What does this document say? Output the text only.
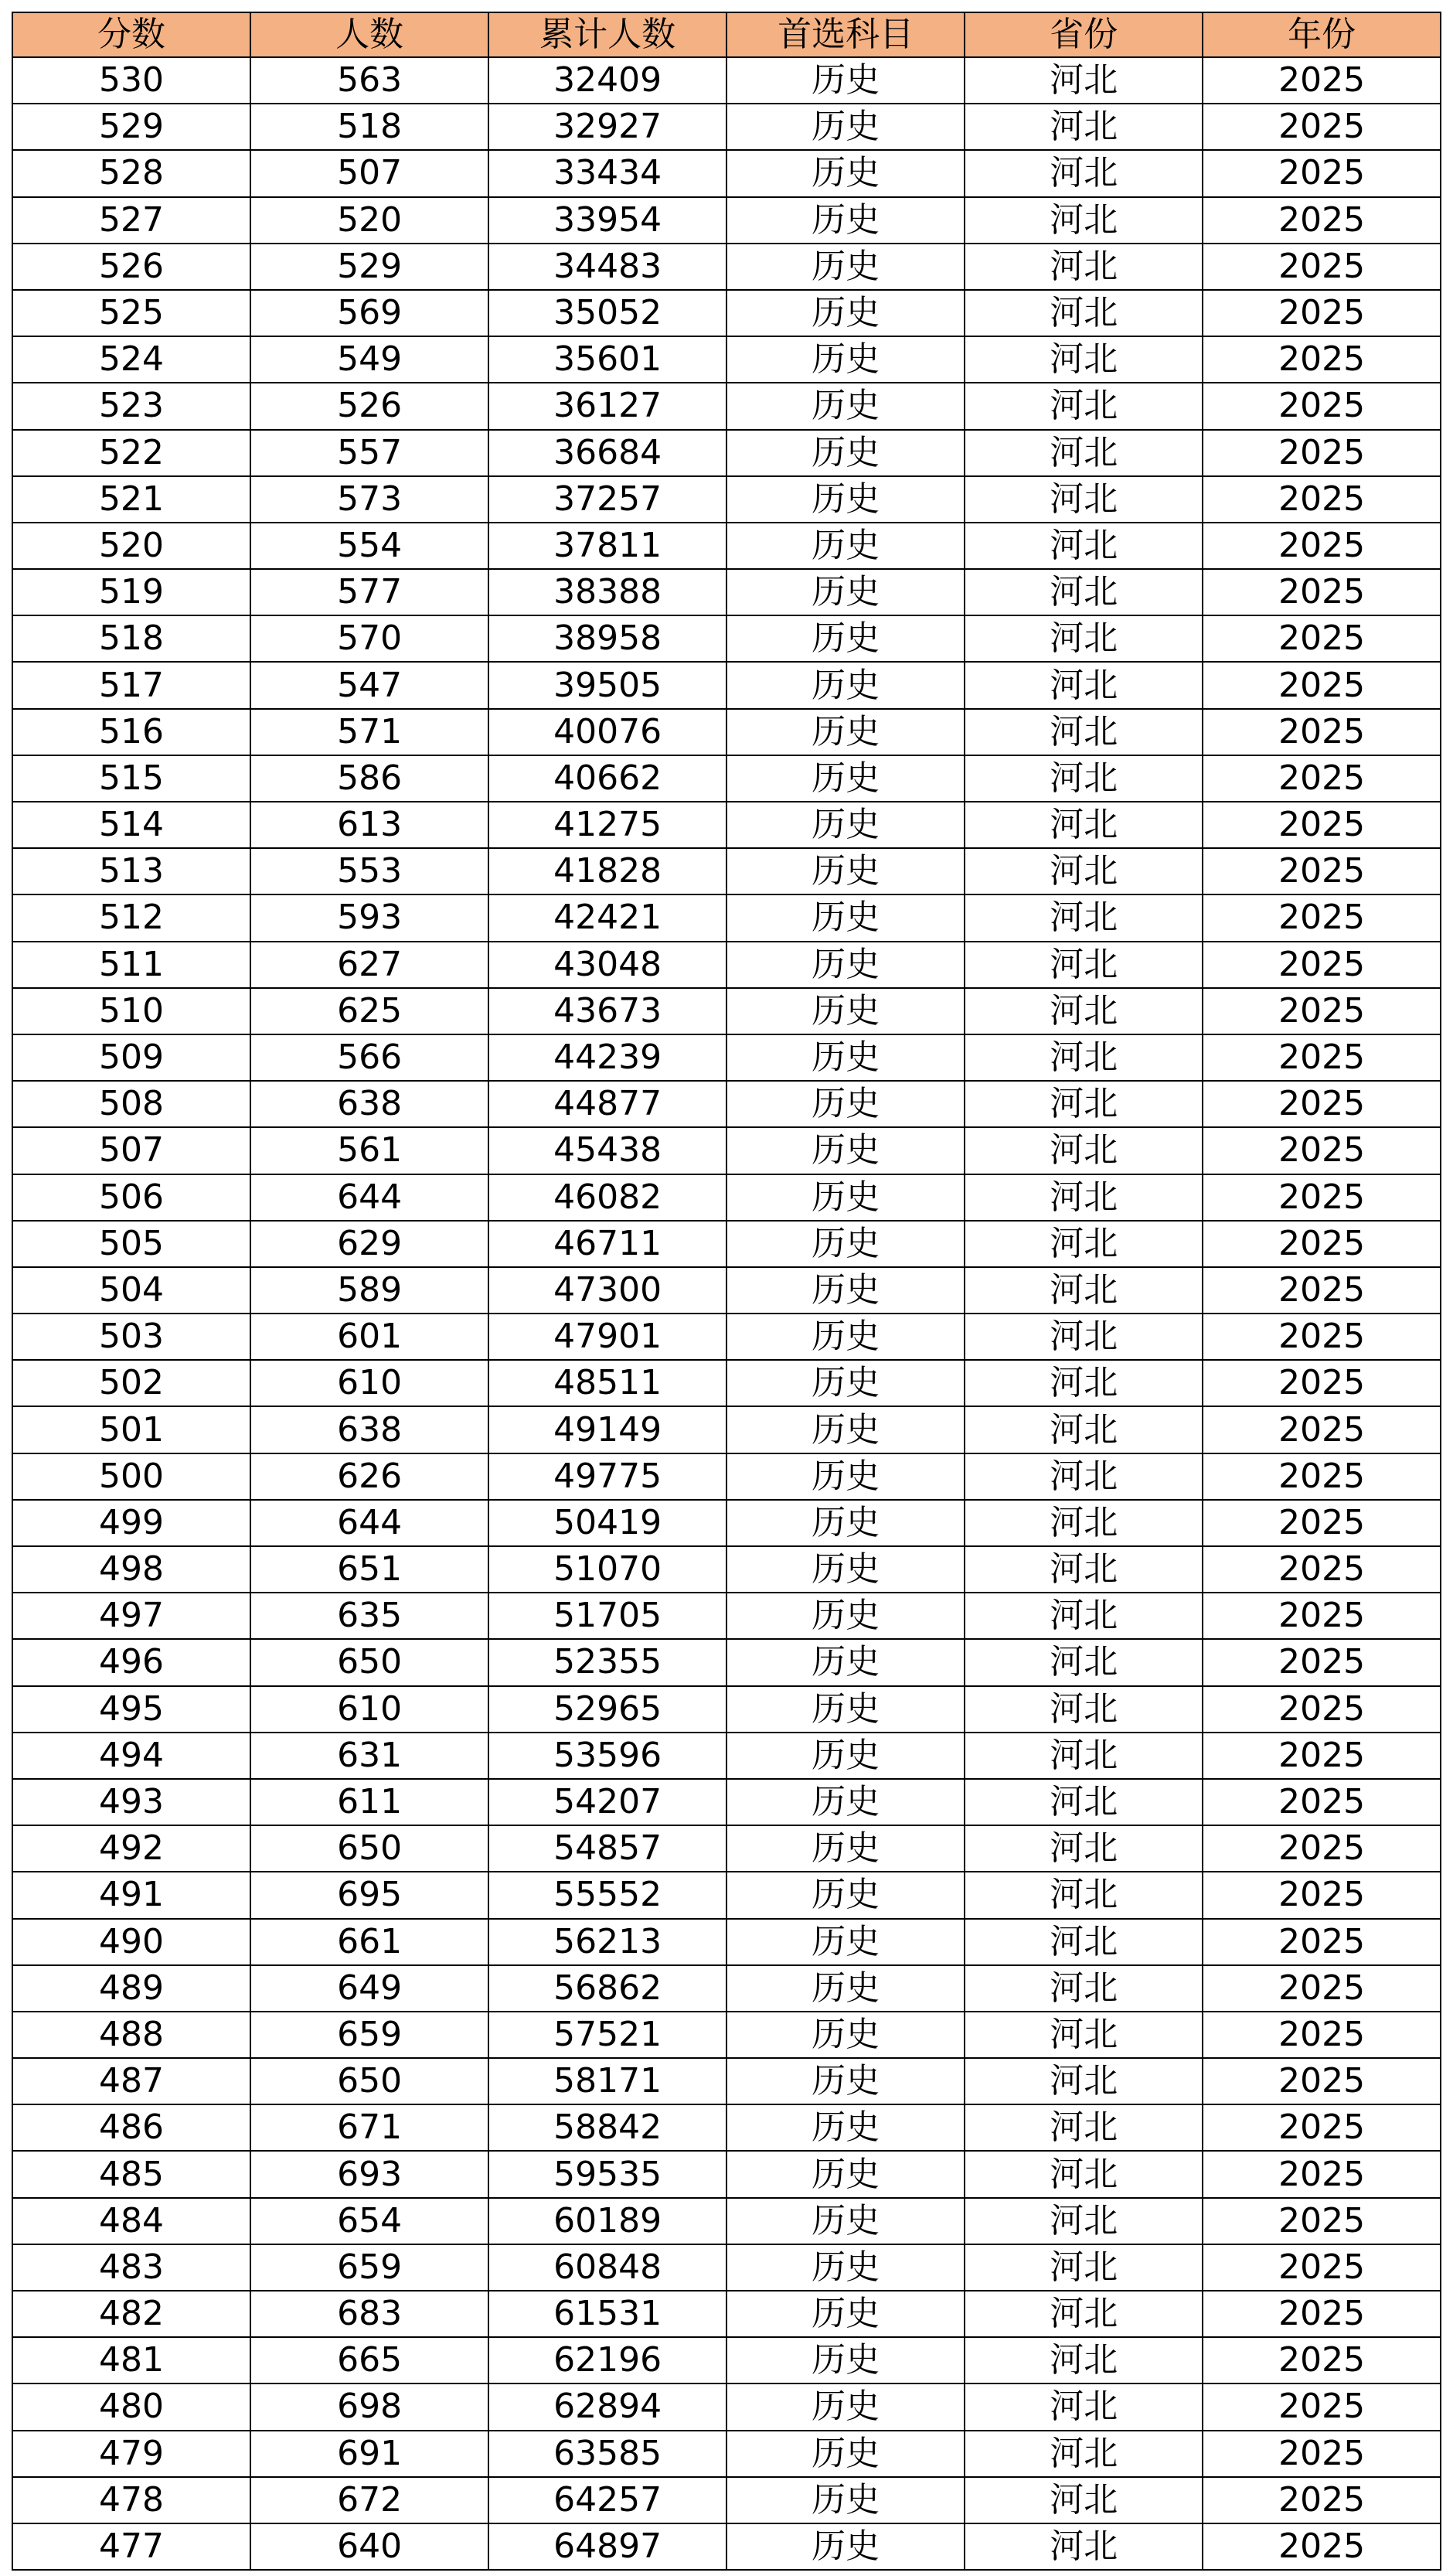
分数	人数	累计人数	首选科目	省份	年份
530	563	32409	历史	河北	2025
529	518	32927	历史	河北	2025
528	507	33434	历史	河北	2025
527	520	33954	历史	河北	2025
526	529	34483	历史	河北	2025
525	569	35052	历史	河北	2025
524	549	35601	历史	河北	2025
523	526	36127	历史	河北	2025
522	557	36684	历史	河北	2025
521	573	37257	历史	河北	2025
520	554	37811	历史	河北	2025
519	577	38388	历史	河北	2025
518	570	38958	历史	河北	2025
517	547	39505	历史	河北	2025
516	571	40076	历史	河北	2025
515	586	40662	历史	河北	2025
514	613	41275	历史	河北	2025
513	553	41828	历史	河北	2025
512	593	42421	历史	河北	2025
511	627	43048	历史	河北	2025
510	625	43673	历史	河北	2025
509	566	44239	历史	河北	2025
508	638	44877	历史	河北	2025
507	561	45438	历史	河北	2025
506	644	46082	历史	河北	2025
505	629	46711	历史	河北	2025
504	589	47300	历史	河北	2025
503	601	47901	历史	河北	2025
502	610	48511	历史	河北	2025
501	638	49149	历史	河北	2025
500	626	49775	历史	河北	2025
499	644	50419	历史	河北	2025
498	651	51070	历史	河北	2025
497	635	51705	历史	河北	2025
496	650	52355	历史	河北	2025
495	610	52965	历史	河北	2025
494	631	53596	历史	河北	2025
493	611	54207	历史	河北	2025
492	650	54857	历史	河北	2025
491	695	55552	历史	河北	2025
490	661	56213	历史	河北	2025
489	649	56862	历史	河北	2025
488	659	57521	历史	河北	2025
487	650	58171	历史	河北	2025
486	671	58842	历史	河北	2025
485	693	59535	历史	河北	2025
484	654	60189	历史	河北	2025
483	659	60848	历史	河北	2025
482	683	61531	历史	河北	2025
481	665	62196	历史	河北	2025
480	698	62894	历史	河北	2025
479	691	63585	历史	河北	2025
478	672	64257	历史	河北	2025
477	640	64897	历史	河北	2025
